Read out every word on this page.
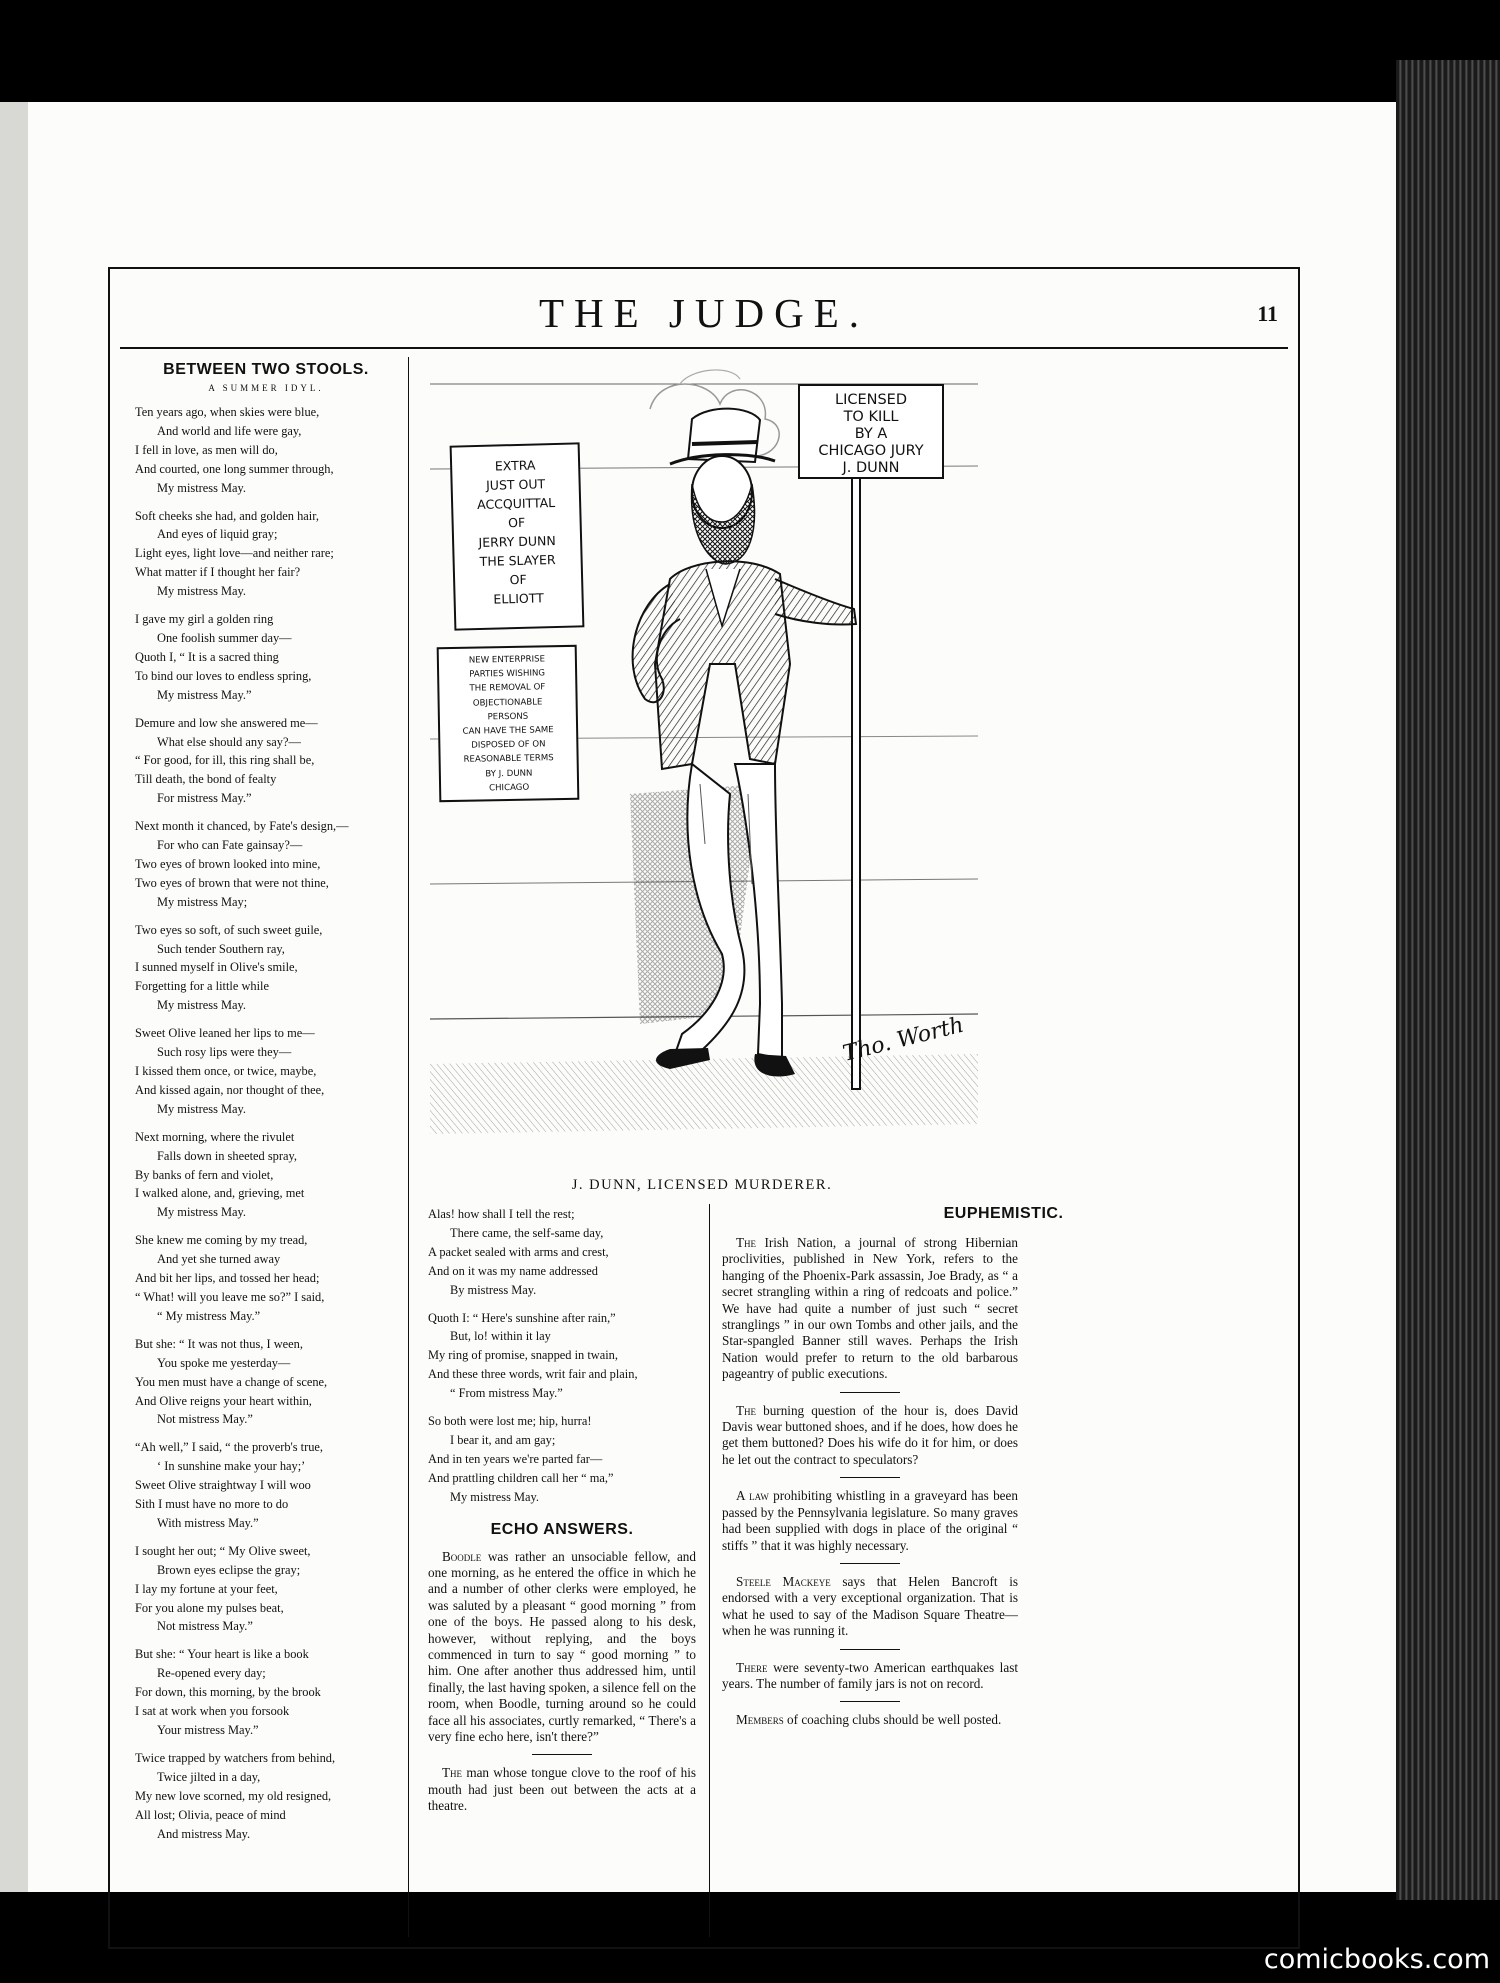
THE JUDGE.	11
BETWEEN TWO STOOLS.
A SUMMER IDYL.
Ten years ago, when skies were blue,
And world and life were gay,
I fell in love, as men will do,
And courted, one long summer through,
My mistress May.
Soft cheeks she had, and golden hair,
And eyes of liquid gray;
Light eyes, light love—and neither rare;
What matter if I thought her fair?
My mistress May.
I gave my girl a golden ring
One foolish summer day—
Quoth I, “ It is a sacred thing
To bind our loves to endless spring,
My mistress May.”
Demure and low she answered me—
What else should any say?—
“ For good, for ill, this ring shall be,
Till death, the bond of fealty
For mistress May.”
Next month it chanced, by Fate's design,—
For who can Fate gainsay?—
Two eyes of brown looked into mine,
Two eyes of brown that were not thine,
My mistress May;
Two eyes so soft, of such sweet guile,
Such tender Southern ray,
I sunned myself in Olive's smile,
Forgetting for a little while
My mistress May.
Sweet Olive leaned her lips to me—
Such rosy lips were they—
I kissed them once, or twice, maybe,
And kissed again, nor thought of thee,
My mistress May.
Next morning, where the rivulet
Falls down in sheeted spray,
By banks of fern and violet,
I walked alone, and, grieving, met
My mistress May.
She knew me coming by my tread,
And yet she turned away
And bit her lips, and tossed her head;
“ What! will you leave me so?” I said,
“ My mistress May.”
But she: “ It was not thus, I ween,
You spoke me yesterday—
You men must have a change of scene,
And Olive reigns your heart within,
Not mistress May.”
“Ah well,” I said, “ the proverb's true,
‘ In sunshine make your hay;’
Sweet Olive straightway I will woo
Sith I must have no more to do
With mistress May.”
I sought her out; “ My Olive sweet,
Brown eyes eclipse the gray;
I lay my fortune at your feet,
For you alone my pulses beat,
Not mistress May.”
But she: “ Your heart is like a book
Re-opened every day;
For down, this morning, by the brook
I sat at work when you forsook
Your mistress May.”
Twice trapped by watchers from behind,
Twice jilted in a day,
My new love scorned, my old resigned,
All lost; Olivia, peace of mind
And mistress May.
Tho. Worth
LICENSED
TO KILL
BY A
CHICAGO JURY
J. DUNN
EXTRA
JUST OUT
ACCQUITTAL
OF
JERRY DUNN
THE SLAYER
OF
ELLIOTT
NEW ENTERPRISE
PARTIES WISHING
THE REMOVAL OF
OBJECTIONABLE
PERSONS
CAN HAVE THE SAME
DISPOSED OF ON
REASONABLE TERMS
BY J. DUNN
CHICAGO
J. DUNN, LICENSED MURDERER.
Alas! how shall I tell the rest;
There came, the self-same day,
A packet sealed with arms and crest,
And on it was my name addressed
By mistress May.
Quoth I: “ Here's sunshine after rain,”
But, lo! within it lay
My ring of promise, snapped in twain,
And these three words, writ fair and plain,
“ From mistress May.”
So both were lost me; hip, hurra!
I bear it, and am gay;
And in ten years we're parted far—
And prattling children call her “ ma,”
My mistress May.
ECHO ANSWERS.

Boodle was rather an unsociable fellow, and one morning, as he entered the office in which he and a number of other clerks were employed, he was saluted by a pleasant “ good morning ” from one of the boys. He passed along to his desk, however, without replying, and the boys commenced in turn to say “ good morning ” to him. One after another thus addressed him, until finally, the last having spoken, a silence fell on the room, when Boodle, turning around so he could face all his associates, curtly remarked, “ There's a very fine echo here, isn't there?”

The man whose tongue clove to the roof of his mouth had just been out between the acts at a theatre.

EUPHEMISTIC.

The Irish Nation, a journal of strong Hibernian proclivities, published in New York, refers to the hanging of the Phoenix-Park assassin, Joe Brady, as “ a secret strangling within a ring of redcoats and police.” We have had quite a number of just such “ secret stranglings ” in our own Tombs and other jails, and the Star-spangled Banner still waves. Perhaps the Irish Nation would prefer to return to the old barbarous pageantry of public executions.

The burning question of the hour is, does David Davis wear buttoned shoes, and if he does, how does he get them buttoned? Does his wife do it for him, or does he let out the contract to speculators?

A law prohibiting whistling in a graveyard has been passed by the Pennsylvania legislature. So many graves had been supplied with dogs in place of the original “ stiffs ” that it was highly necessary.

Steele Mackeye says that Helen Bancroft is endorsed with a very exceptional organization. That is what he used to say of the Madison Square Theatre—when he was running it.

There were seventy-two American earthquakes last years. The number of family jars is not on record.

Members of coaching clubs should be well posted.

comicbooks.com
